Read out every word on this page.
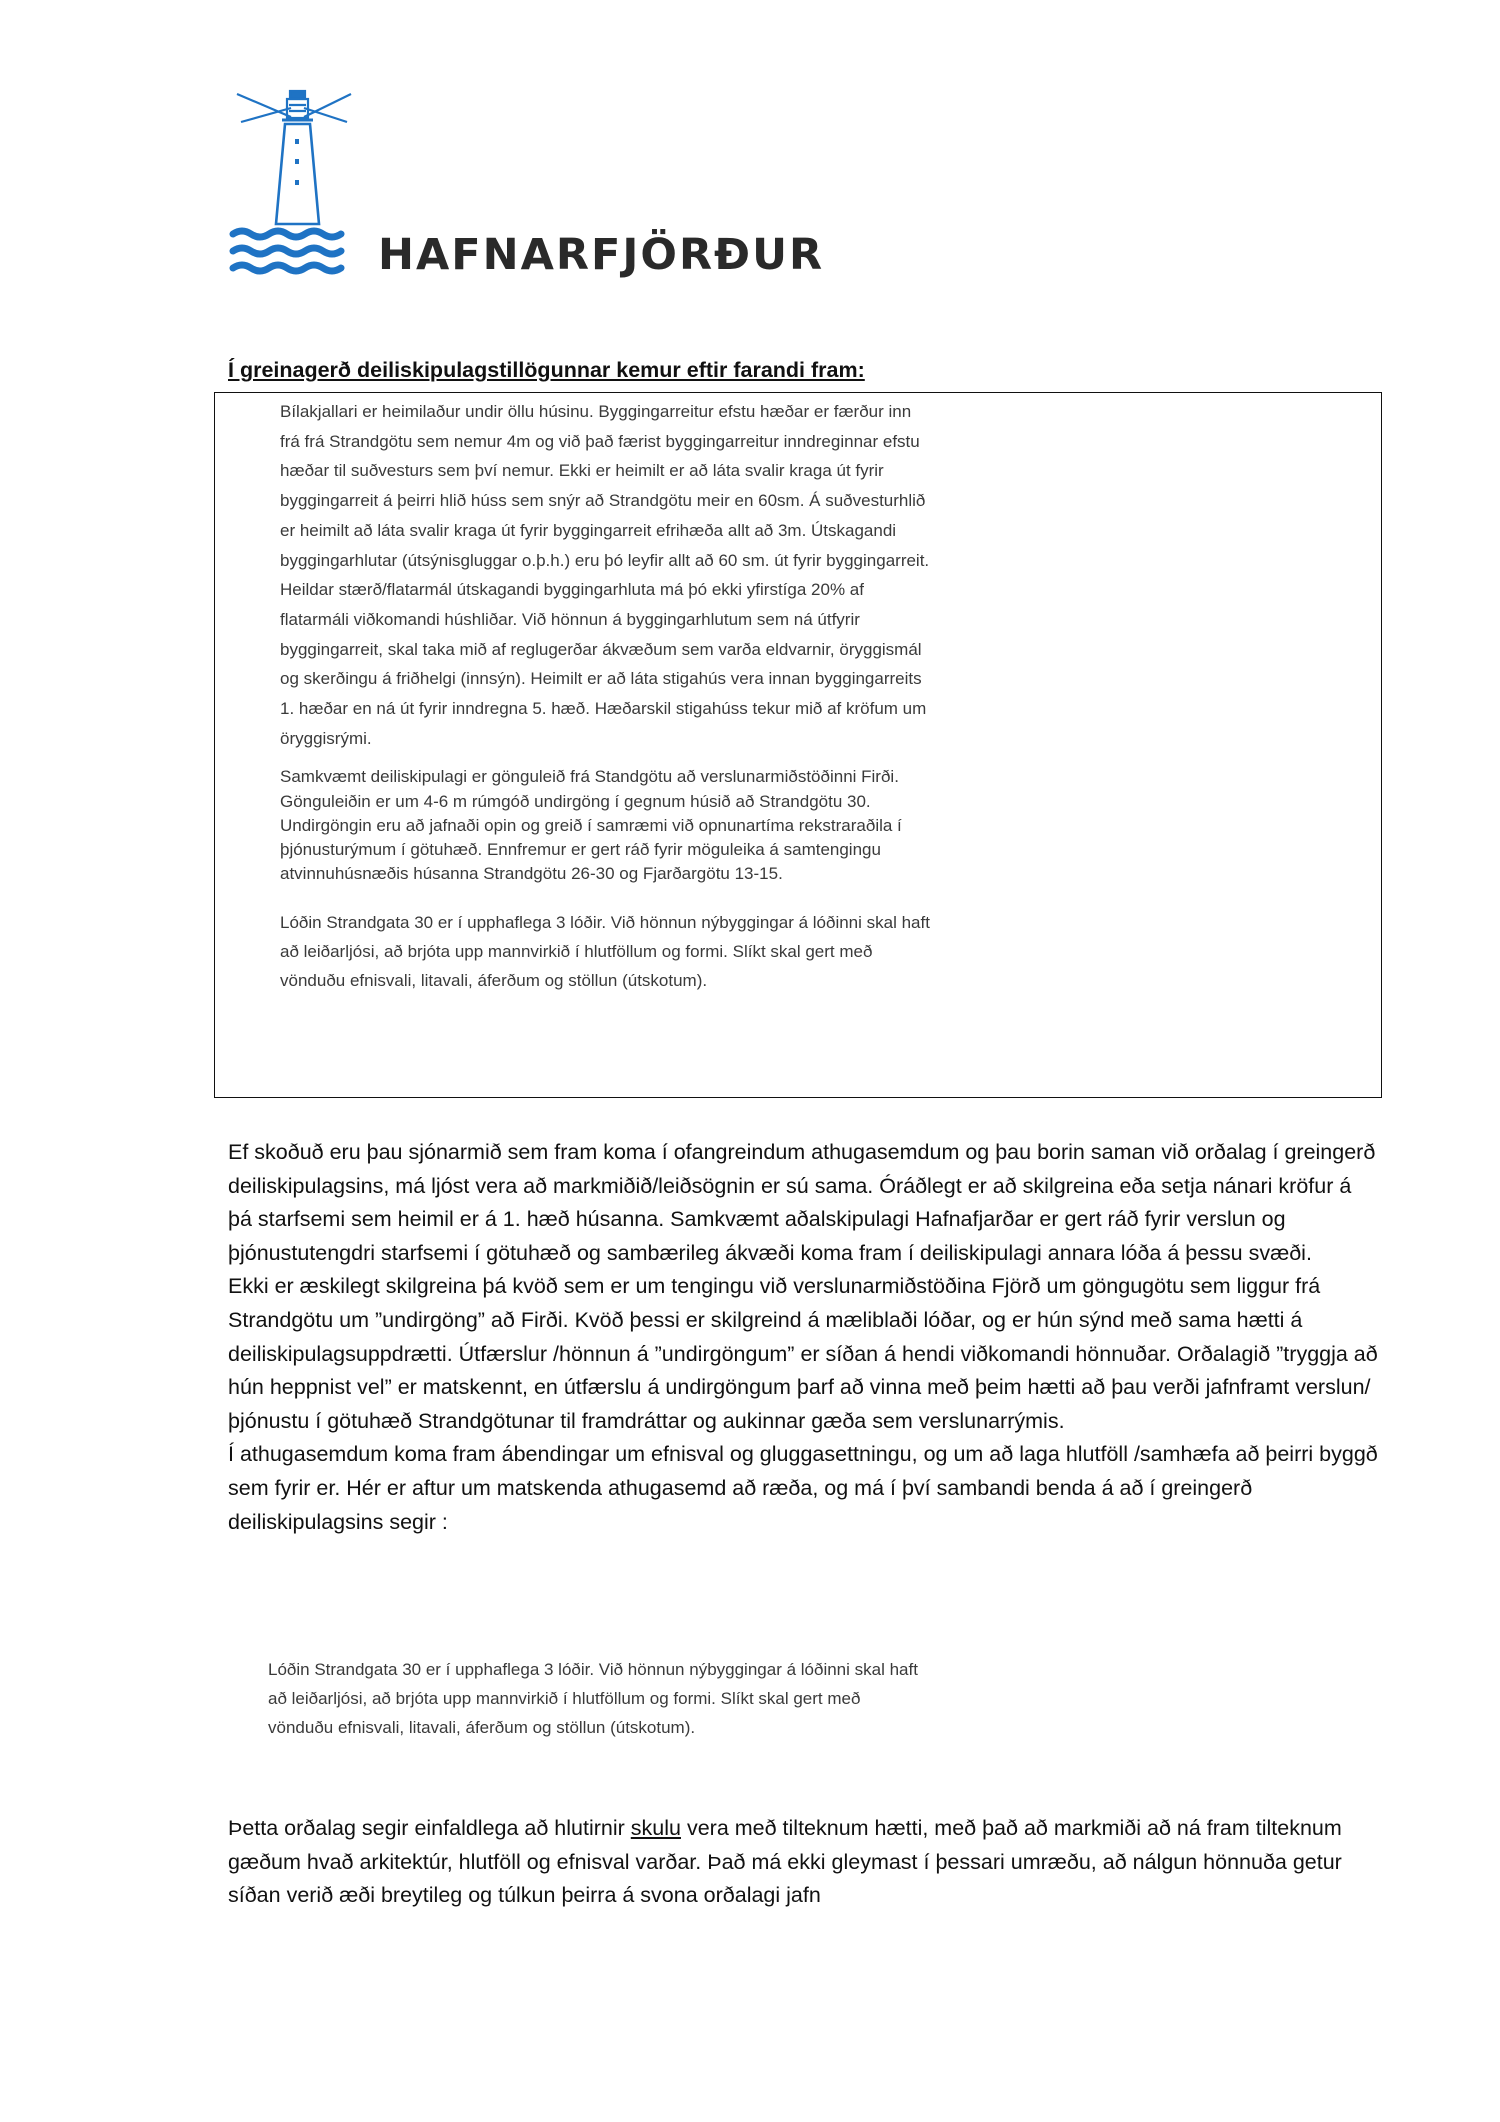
HAFNARFJÖRÐUR
Í greinagerð deiliskipulagstillögunnar kemur eftir farandi fram:

Bílakjallari er heimilaður undir öllu húsinu. Byggingarreitur efstu hæðar er færður inn frá frá Strandgötu sem nemur 4m og við það færist byggingarreitur inndreginnar efstu hæðar til suðvesturs sem því nemur. Ekki er heimilt er að láta svalir kraga út fyrir byggingarreit á þeirri hlið húss sem snýr að Strandgötu meir en 60sm. Á suðvesturhlið er heimilt að láta svalir kraga út fyrir byggingarreit efrihæða allt að 3m. Útskagandi byggingarhlutar (útsýnisgluggar o.þ.h.) eru þó leyfir allt að 60 sm. út fyrir byggingarreit. Heildar stærð/flatarmál útskagandi byggingarhluta má þó ekki yfirstíga 20% af flatarmáli viðkomandi húshliðar. Við hönnun á byggingarhlutum sem ná útfyrir byggingarreit, skal taka mið af reglugerðar ákvæðum sem varða eldvarnir, öryggismál og skerðingu á friðhelgi (innsýn). Heimilt er að láta stigahús vera innan byggingarreits 1. hæðar en ná út fyrir inndregna 5. hæð. Hæðarskil stigahúss tekur mið af kröfum um öryggisrými.

Samkvæmt deiliskipulagi er gönguleið frá Standgötu að verslunarmiðstöðinni Firði. Gönguleiðin er um 4-6 m rúmgóð undirgöng í gegnum húsið að Strandgötu 30. Undirgöngin eru að jafnaði opin og greið í samræmi við opnunartíma rekstraraðila í þjónusturýmum í götuhæð. Ennfremur er gert ráð fyrir möguleika á samtengingu atvinnuhúsnæðis húsanna Strandgötu 26-30 og Fjarðargötu 13-15.

Lóðin Strandgata 30 er í upphaflega 3 lóðir. Við hönnun nýbyggingar á lóðinni skal haft að leiðarljósi, að brjóta upp mannvirkið í hlutföllum og formi. Slíkt skal gert með vönduðu efnisvali, litavali, áferðum og stöllun (útskotum).

Ef skoðuð eru þau sjónarmið sem fram koma í ofangreindum athugasemdum og þau borin saman við orðalag í greingerð deiliskipulagsins, má ljóst vera að markmiðið/leiðsögnin er sú sama. Óráðlegt er að skilgreina eða setja nánari kröfur á þá starfsemi sem heimil er á 1. hæð húsanna. Samkvæmt aðalskipulagi Hafnafjarðar er gert ráð fyrir verslun og þjónustutengdri starfsemi í götuhæð og sambærileg ákvæði koma fram í deiliskipulagi annara lóða á þessu svæði.

Ekki er æskilegt skilgreina þá kvöð sem er um tengingu við verslunarmiðstöðina Fjörð um göngugötu sem liggur frá Strandgötu um ”undirgöng” að Firði. Kvöð þessi er skilgreind á mæliblaði lóðar, og er hún sýnd með sama hætti á deiliskipulagsuppdrætti. Útfærslur /hönnun á ”undirgöngum” er síðan á hendi viðkomandi hönnuðar. Orðalagið ”tryggja að hún heppnist vel” er matskennt, en útfærslu á undirgöngum þarf að vinna með þeim hætti að þau verði jafnframt verslun/þjónustu í götuhæð Strandgötunar til framdráttar og aukinnar gæða sem verslunarrýmis.

Í athugasemdum koma fram ábendingar um efnisval og gluggasettningu, og um að laga hlutföll /samhæfa að þeirri byggð sem fyrir er. Hér er aftur um matskenda athugasemd að ræða, og má í því sambandi benda á að í greingerð deiliskipulagsins segir :

Lóðin Strandgata 30 er í upphaflega 3 lóðir. Við hönnun nýbyggingar á lóðinni skal haft að leiðarljósi, að brjóta upp mannvirkið í hlutföllum og formi. Slíkt skal gert með vönduðu efnisvali, litavali, áferðum og stöllun (útskotum).

Þetta orðalag segir einfaldlega að hlutirnir skulu vera með tilteknum hætti, með það að markmiði að ná fram tilteknum gæðum hvað arkitektúr, hlutföll og efnisval varðar. Það má ekki gleymast í þessari umræðu, að nálgun hönnuða getur síðan verið æði breytileg og túlkun þeirra á svona orðalagi jafn
